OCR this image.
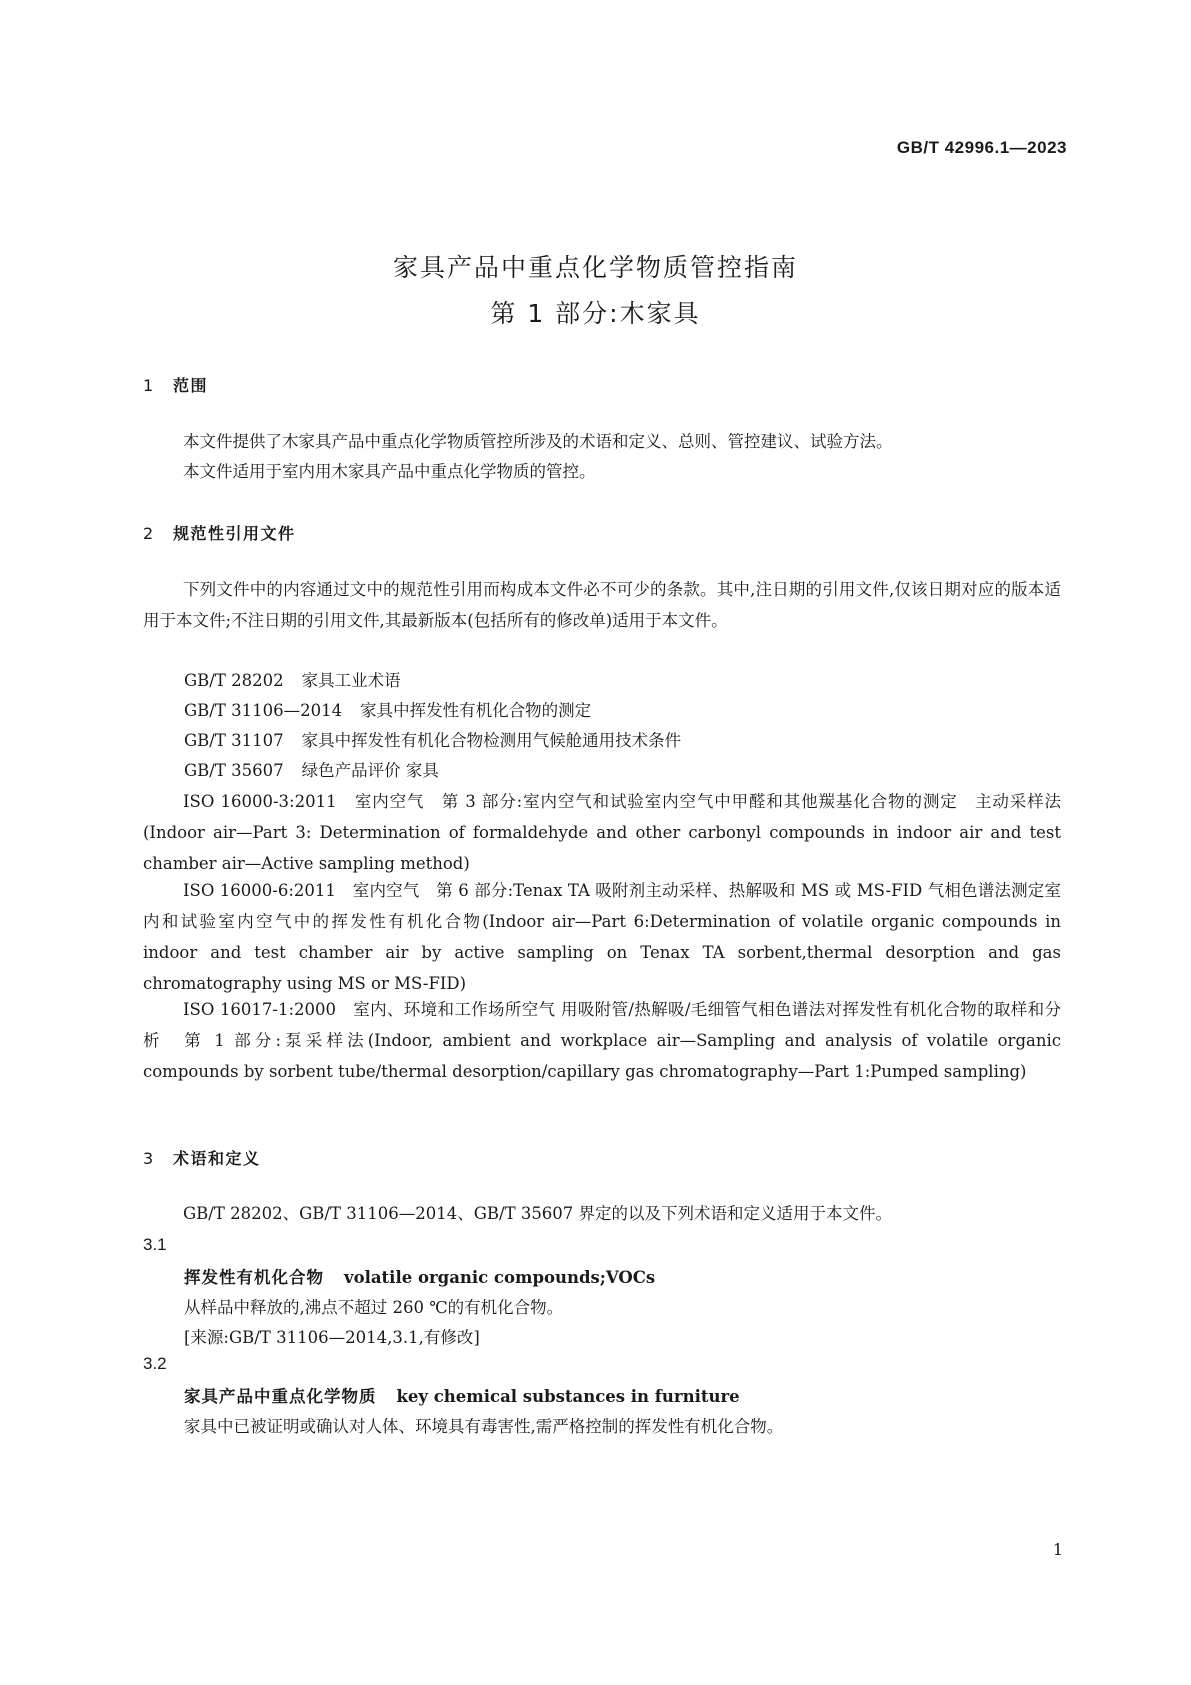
GB/T 42996.1—2023
家具产品中重点化学物质管控指南
第 1 部分:木家具
1 范围
本文件提供了木家具产品中重点化学物质管控所涉及的术语和定义、总则、管控建议、试验方法。
本文件适用于室内用木家具产品中重点化学物质的管控。
2 规范性引用文件
下列文件中的内容通过文中的规范性引用而构成本文件必不可少的条款。其中,注日期的引用文件,仅该日期对应的版本适用于本文件;不注日期的引用文件,其最新版本(包括所有的修改单)适用于本文件。
GB/T 28202 家具工业术语
GB/T 31106—2014 家具中挥发性有机化合物的测定
GB/T 31107 家具中挥发性有机化合物检测用气候舱通用技术条件
GB/T 35607 绿色产品评价 家具
ISO 16000-3:2011　室内空气　第 3 部分:室内空气和试验室内空气中甲醛和其他羰基化合物的测定　主动采样法(Indoor air—Part 3: Determination of formaldehyde and other carbonyl compounds in indoor air and test chamber air—Active sampling method)
ISO 16000-6:2011　室内空气　第 6 部分:Tenax TA 吸附剂主动采样、热解吸和 MS 或 MS-FID 气相色谱法测定室内和试验室内空气中的挥发性有机化合物(Indoor air—Part 6:Determination of volatile organic compounds in indoor and test chamber air by active sampling on Tenax TA sorbent,thermal desorption and gas chromatography using MS or MS-FID)
ISO 16017-1:2000　室内、环境和工作场所空气 用吸附管/热解吸/毛细管气相色谱法对挥发性有机化合物的取样和分析　第 1 部分:泵采样法(Indoor, ambient and workplace air—Sampling and analysis of volatile organic compounds by sorbent tube/thermal desorption/capillary gas chromatography—Part 1:Pumped sampling)
3 术语和定义
GB/T 28202、GB/T 31106—2014、GB/T 35607 界定的以及下列术语和定义适用于本文件。
3.1
挥发性有机化合物 volatile organic compounds;VOCs
从样品中释放的,沸点不超过 260 ℃的有机化合物。
[来源:GB/T 31106—2014,3.1,有修改]
3.2
家具产品中重点化学物质 key chemical substances in furniture
家具中已被证明或确认对人体、环境具有毒害性,需严格控制的挥发性有机化合物。
1
